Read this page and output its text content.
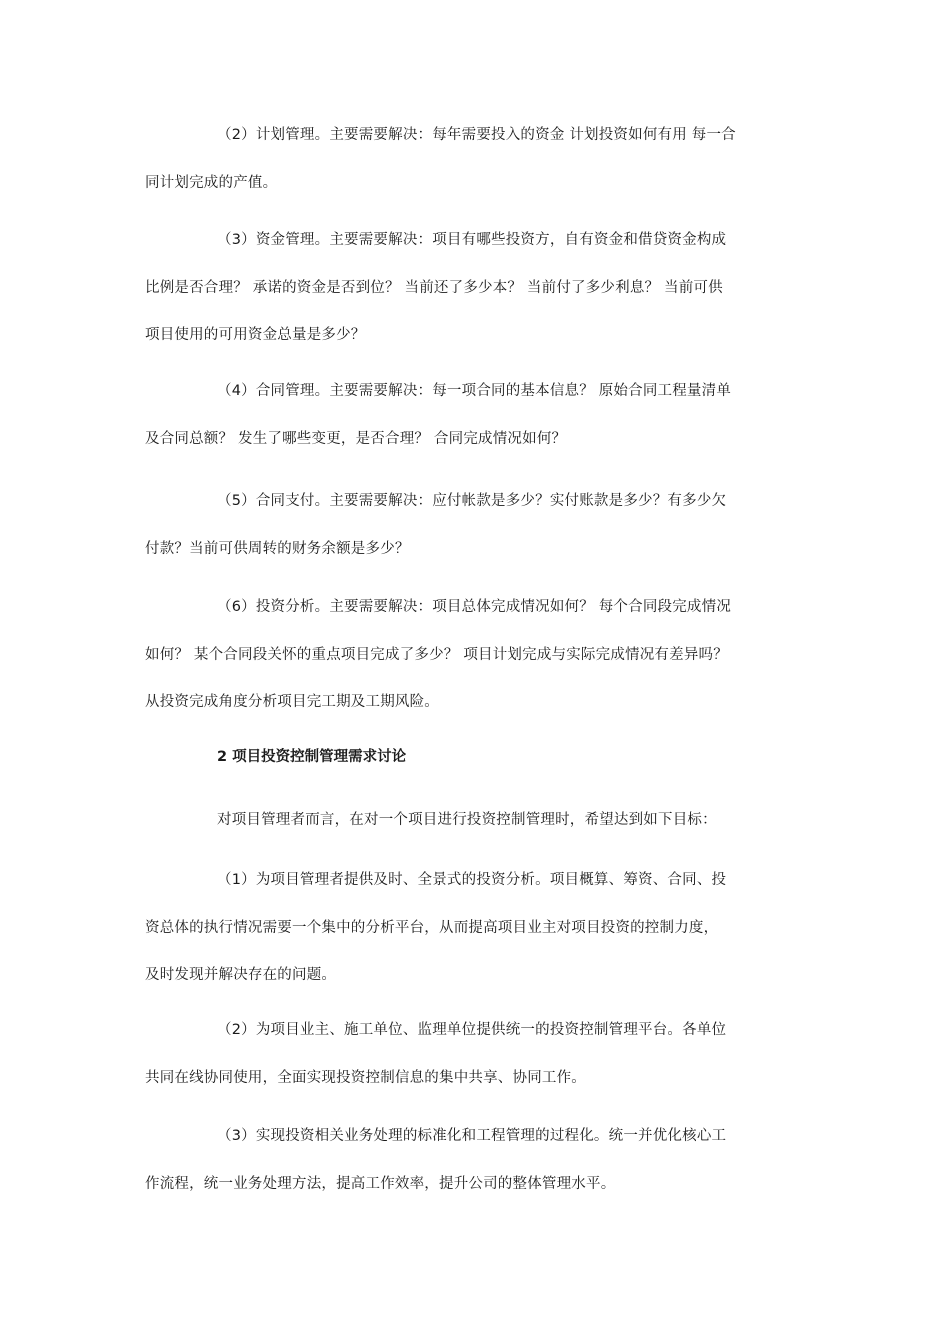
（2）计划管理。主要需要解决：每年需要投入的资金 计划投资如何有用 每一合
同计划完成的产值。

（3）资金管理。主要需要解决：项目有哪些投资方，自有资金和借贷资金构成
比例是否合理？ 承诺的资金是否到位？ 当前还了多少本？ 当前付了多少利息？ 当前可供
项目使用的可用资金总量是多少？

（4）合同管理。主要需要解决：每一项合同的基本信息？ 原始合同工程量清单
及合同总额？ 发生了哪些变更，是否合理？ 合同完成情况如何？

（5）合同支付。主要需要解决：应付帐款是多少？实付账款是多少？有多少欠
付款？当前可供周转的财务余额是多少？

（6）投资分析。主要需要解决：项目总体完成情况如何？ 每个合同段完成情况
如何？ 某个合同段关怀的重点项目完成了多少？ 项目计划完成与实际完成情况有差异吗？
从投资完成角度分析项目完工期及工期风险。

2 项目投资控制管理需求讨论

对项目管理者而言，在对一个项目进行投资控制管理时，希望达到如下目标：

（1）为项目管理者提供及时、全景式的投资分析。项目概算、筹资、合同、投
资总体的执行情况需要一个集中的分析平台，从而提高项目业主对项目投资的控制力度，
及时发现并解决存在的问题。

（2）为项目业主、施工单位、监理单位提供统一的投资控制管理平台。各单位
共同在线协同使用，全面实现投资控制信息的集中共享、协同工作。

（3）实现投资相关业务处理的标准化和工程管理的过程化。统一并优化核心工
作流程，统一业务处理方法，提高工作效率，提升公司的整体管理水平。
